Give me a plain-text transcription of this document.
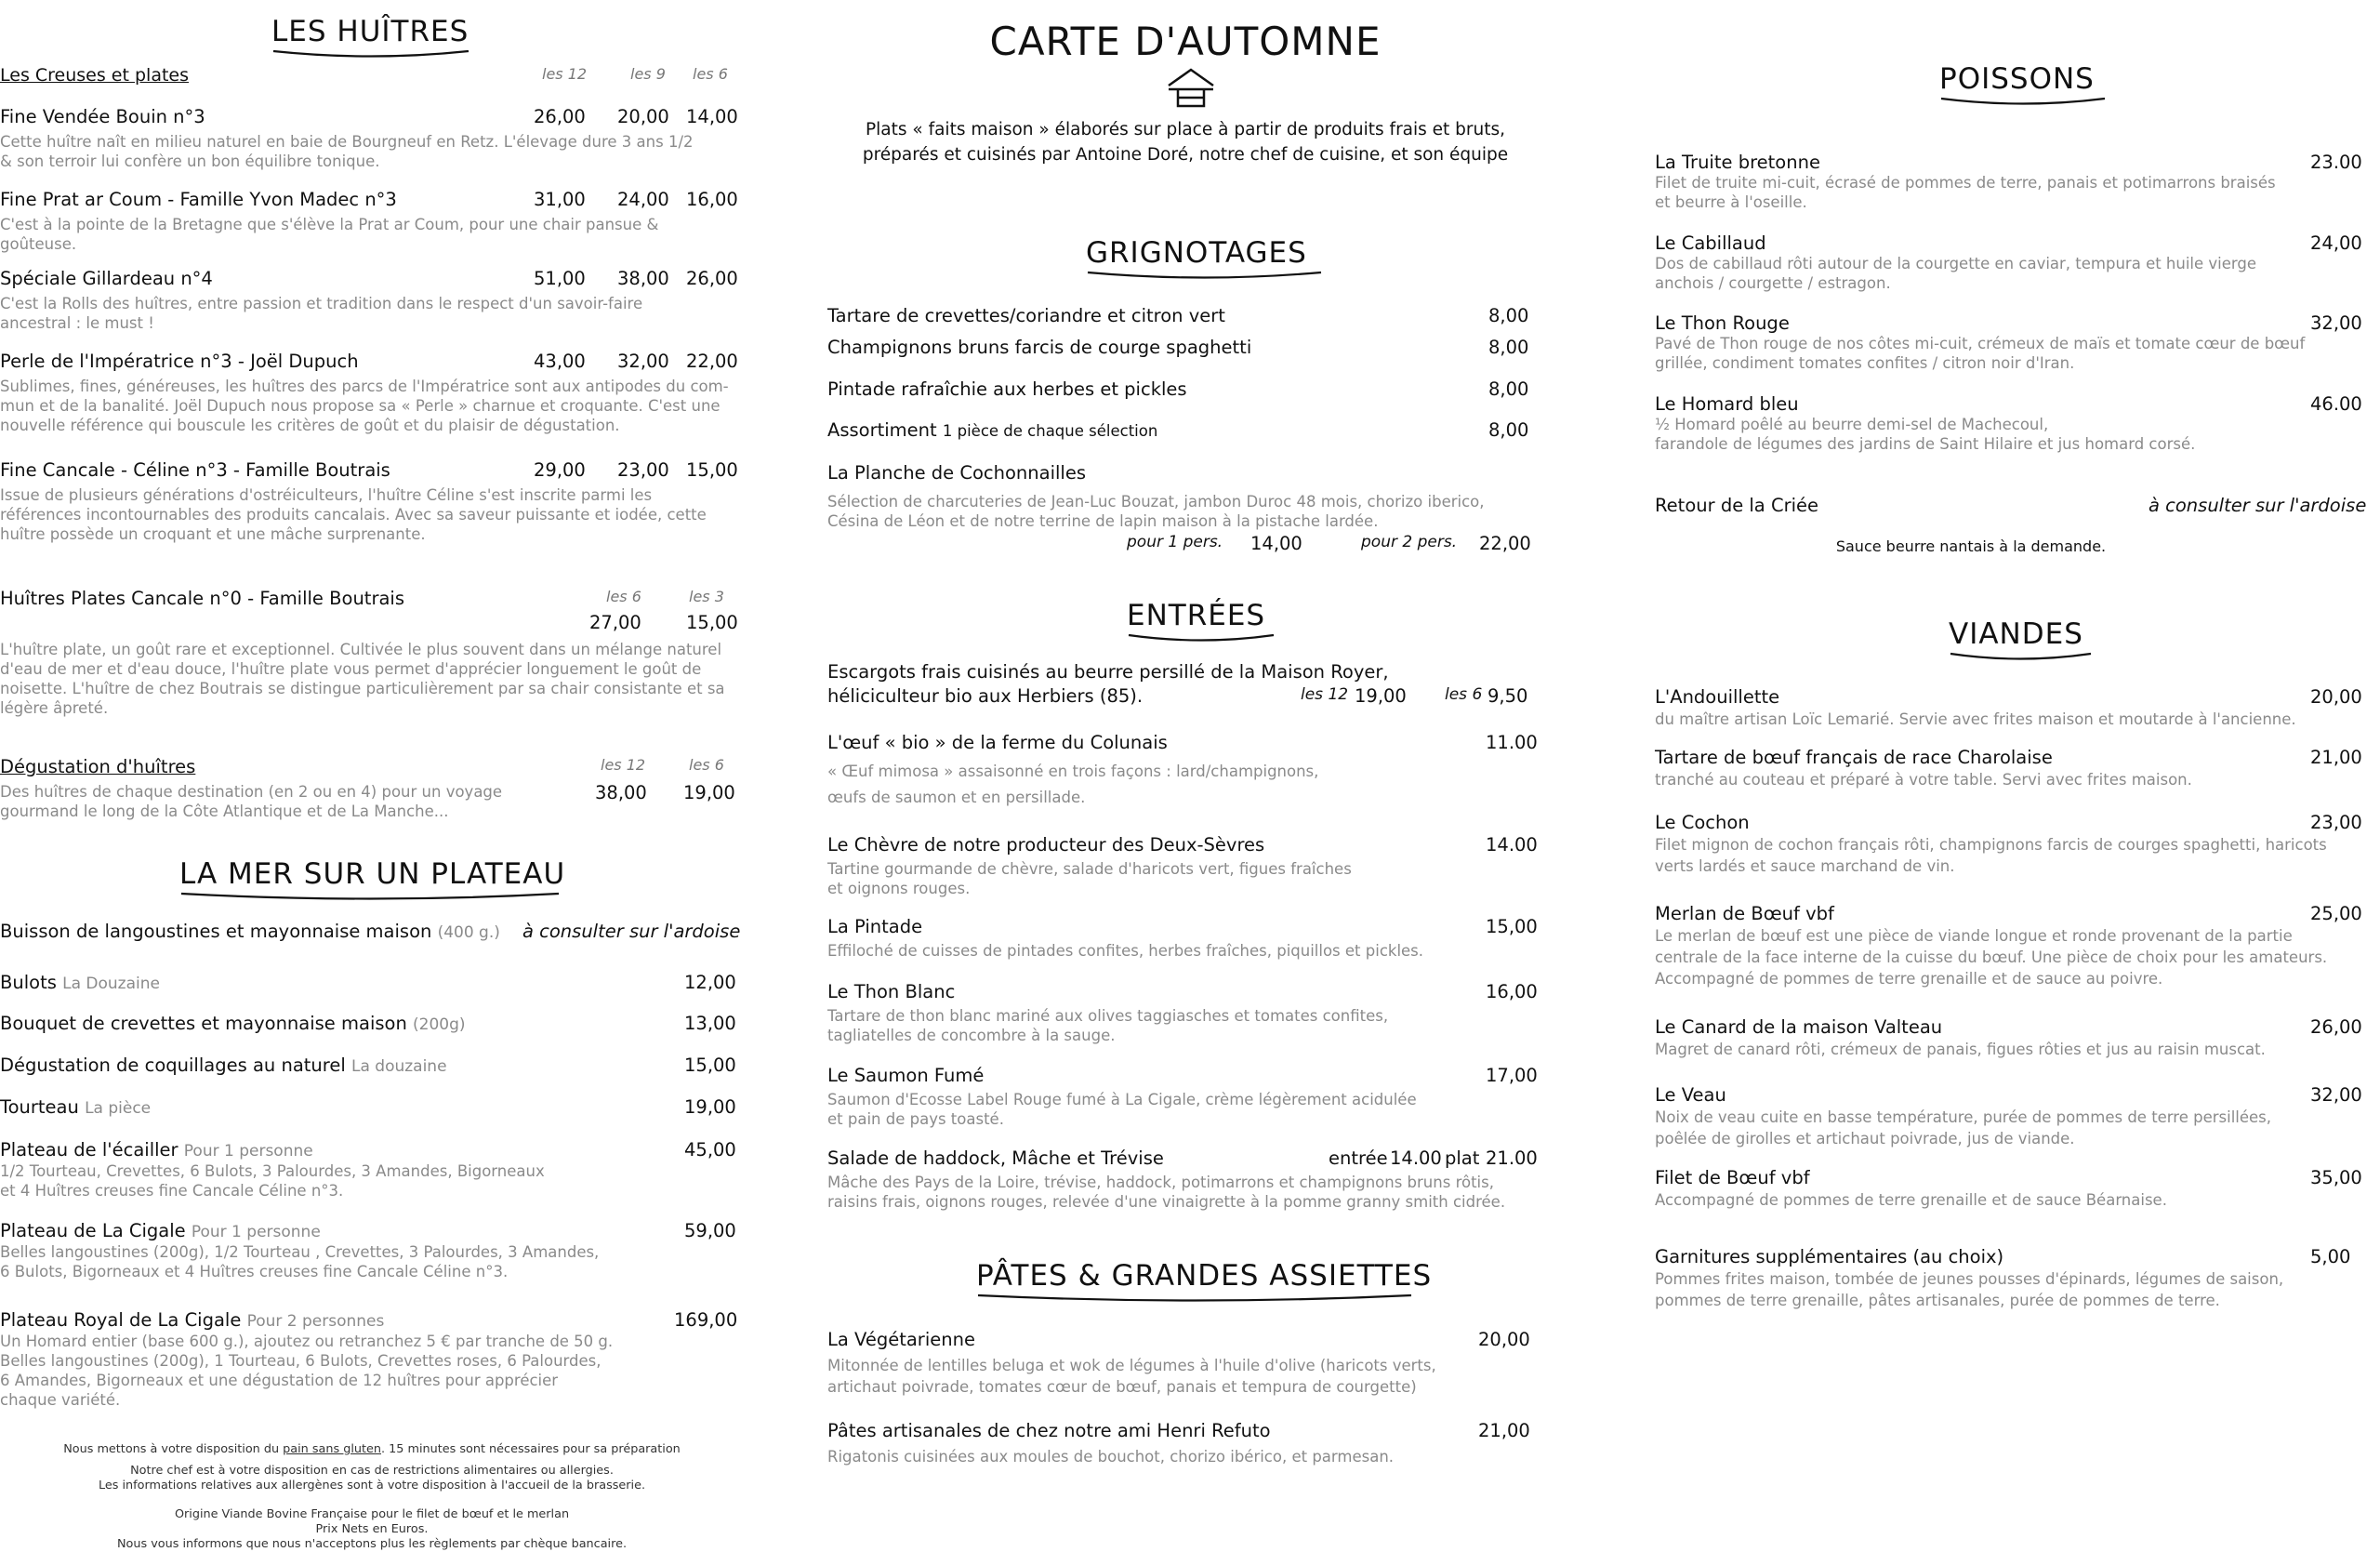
LES HUÎTRES
Les Creuses et plates	les 12	les 9 les 6
Fine Vendée Bouin n°3	26,00 20,00 14,00
Cette huître naît en milieu naturel en baie de Bourgneuf en Retz. L'élevage dure 3 ans 1/2
& son terroir lui confère un bon équilibre tonique.
Fine Prat ar Coum - Famille Yvon Madec n°3	31,00 24,00 16,00
C'est à la pointe de la Bretagne que s'élève la Prat ar Coum, pour une chair pansue &
goûteuse.
Spéciale Gillardeau n°4	51,00 38,00 26,00
C'est la Rolls des huîtres, entre passion et tradition dans le respect d'un savoir-faire
ancestral : le must !
Perle de l'Impératrice n°3 - Joël Dupuch	43,00 32,00 22,00
Sublimes, fines, généreuses, les huîtres des parcs de l'Impératrice sont aux antipodes du com-
mun et de la banalité. Joël Dupuch nous propose sa « Perle » charnue et croquante. C'est une
nouvelle référence qui bouscule les critères de goût et du plaisir de dégustation.
Fine Cancale - Céline n°3 - Famille Boutrais	29,00 23,00 15,00
Issue de plusieurs générations d'ostréiculteurs, l'huître Céline s'est inscrite parmi les
références incontournables des produits cancalais. Avec sa saveur puissante et iodée, cette
huître possède un croquant et une mâche surprenante.
Huîtres Plates Cancale n°0 - Famille Boutrais	les 6	les 3
27,00 15,00
L'huître plate, un goût rare et exceptionnel. Cultivée le plus souvent dans un mélange naturel
d'eau de mer et d'eau douce, l'huître plate vous permet d'apprécier longuement le goût de
noisette. L'huître de chez Boutrais se distingue particulièrement par sa chair consistante et sa
légère âpreté.
Dégustation d'huîtres	les 12	les 6
Des huîtres de chaque destination (en 2 ou en 4) pour un voyage
gourmand le long de la Côte Atlantique et de La Manche...
38,00 19,00
LA MER SUR UN PLATEAU
Buisson de langoustines et mayonnaise maison (400 g.) à consulter sur l'ardoise
Bulots La Douzaine	12,00
Bouquet de crevettes et mayonnaise maison (200g)	13,00
Dégustation de coquillages au naturel La douzaine	15,00
Tourteau La pièce	19,00
Plateau de l'écailler Pour 1 personne	45,00
1/2 Tourteau, Crevettes, 6 Bulots, 3 Palourdes, 3 Amandes, Bigorneaux
et 4 Huîtres creuses fine Cancale Céline n°3.
Plateau de La Cigale Pour 1 personne	59,00
Belles langoustines (200g), 1/2 Tourteau , Crevettes, 3 Palourdes, 3 Amandes,
6 Bulots, Bigorneaux et 4 Huîtres creuses fine Cancale Céline n°3.
Plateau Royal de La Cigale Pour 2 personnes	169,00
Un Homard entier (base 600 g.), ajoutez ou retranchez 5 € par tranche de 50 g.
Belles langoustines (200g), 1 Tourteau, 6 Bulots, Crevettes roses, 6 Palourdes,
6 Amandes, Bigorneaux et une dégustation de 12 huîtres pour apprécier
chaque variété.
Nous mettons à votre disposition du pain sans gluten. 15 minutes sont nécessaires pour sa préparation
Notre chef est à votre disposition en cas de restrictions alimentaires ou allergies.
Les informations relatives aux allergènes sont à votre disposition à l'accueil de la brasserie.
Origine Viande Bovine Française pour le filet de bœuf et le merlan
Prix Nets en Euros.
Nous vous informons que nous n'acceptons plus les règlements par chèque bancaire.
CARTE D'AUTOMNE
Plats « faits maison » élaborés sur place à partir de produits frais et bruts,
préparés et cuisinés par Antoine Doré, notre chef de cuisine, et son équipe
GRIGNOTAGES
Tartare de crevettes/coriandre et citron vert	8,00
Champignons bruns farcis de courge spaghetti	8,00
Pintade rafraîchie aux herbes et pickles	8,00
Assortiment 1 pièce de chaque sélection	8,00
La Planche de Cochonnailles
Sélection de charcuteries de Jean-Luc Bouzat, jambon Duroc 48 mois, chorizo iberico,
Césina de Léon et de notre terrine de lapin maison à la pistache lardée.
pour 1 pers. 14,00	pour 2 pers. 22,00
ENTRÉES
Escargots frais cuisinés au beurre persillé de la Maison Royer,
héliciculteur bio aux Herbiers (85).	les 12 19,00 les 6 9,50
L'œuf « bio » de la ferme du Colunais	11.00
« Œuf mimosa » assaisonné en trois façons : lard/champignons,
œufs de saumon et en persillade.
Le Chèvre de notre producteur des Deux-Sèvres	14.00
Tartine gourmande de chèvre, salade d'haricots vert, figues fraîches
et oignons rouges.
La Pintade	15,00
Effiloché de cuisses de pintades confites, herbes fraîches, piquillos et pickles.
Le Thon Blanc	16,00
Tartare de thon blanc mariné aux olives taggiasches et tomates confites,
tagliatelles de concombre à la sauge.
Le Saumon Fumé	17,00
Saumon d'Ecosse Label Rouge fumé à La Cigale, crème légèrement acidulée
et pain de pays toasté.
Salade de haddock, Mâche et Trévise	entrée 14.00 plat 21.00
Mâche des Pays de la Loire, trévise, haddock, potimarrons et champignons bruns rôtis,
raisins frais, oignons rouges, relevée d'une vinaigrette à la pomme granny smith cidrée.
PÂTES & GRANDES ASSIETTES
La Végétarienne	20,00
Mitonnée de lentilles beluga et wok de légumes à l'huile d'olive (haricots verts,
artichaut poivrade, tomates cœur de bœuf, panais et tempura de courgette)
Pâtes artisanales de chez notre ami Henri Refuto	21,00
Rigatonis cuisinées aux moules de bouchot, chorizo ibérico, et parmesan.
POISSONS
La Truite bretonne	23.00
Filet de truite mi-cuit, écrasé de pommes de terre, panais et potimarrons braisés
et beurre à l'oseille.
Le Cabillaud	24,00
Dos de cabillaud rôti autour de la courgette en caviar, tempura et huile vierge
anchois / courgette / estragon.
Le Thon Rouge	32,00
Pavé de Thon rouge de nos côtes mi-cuit, crémeux de maïs et tomate cœur de bœuf
grillée, condiment tomates confites / citron noir d'Iran.
Le Homard bleu	46.00
½ Homard poêlé au beurre demi-sel de Machecoul,
farandole de légumes des jardins de Saint Hilaire et jus homard corsé.
Retour de la Criée	à consulter sur l'ardoise
Sauce beurre nantais à la demande.
VIANDES
L'Andouillette	20,00
du maître artisan Loïc Lemarié. Servie avec frites maison et moutarde à l'ancienne.
Tartare de bœuf français de race Charolaise	21,00
tranché au couteau et préparé à votre table. Servi avec frites maison.
Le Cochon	23,00
Filet mignon de cochon français rôti, champignons farcis de courges spaghetti, haricots
verts lardés et sauce marchand de vin.
Merlan de Bœuf vbf	25,00
Le merlan de bœuf est une pièce de viande longue et ronde provenant de la partie
centrale de la face interne de la cuisse du bœuf. Une pièce de choix pour les amateurs.
Accompagné de pommes de terre grenaille et de sauce au poivre.
Le Canard de la maison Valteau	26,00
Magret de canard rôti, crémeux de panais, figues rôties et jus au raisin muscat.
Le Veau	32,00
Noix de veau cuite en basse température, purée de pommes de terre persillées,
poêlée de girolles et artichaut poivrade, jus de viande.
Filet de Bœuf vbf	35,00
Accompagné de pommes de terre grenaille et de sauce Béarnaise.
Garnitures supplémentaires (au choix)	5,00
Pommes frites maison, tombée de jeunes pousses d'épinards, légumes de saison,
pommes de terre grenaille, pâtes artisanales, purée de pommes de terre.
